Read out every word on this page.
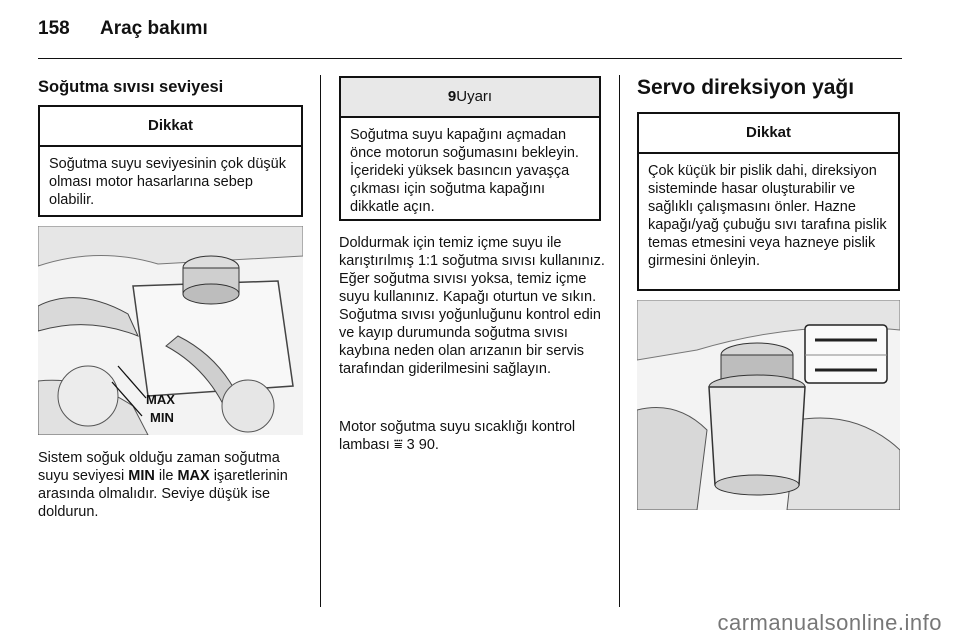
158 Araç bakımı
Soğutma sıvısı seviyesi
Dikkat
Soğutma suyu seviyesinin çok düşük olması motor hasarlarına sebep olabilir.
MAX
MIN
Sistem soğuk olduğu zaman soğutma suyu seviyesi MIN ile MAX işaretlerinin arasında olmalıdır. Seviye düşük ise doldurun.
9Uyarı
Soğutma suyu kapağını açmadan önce motorun soğumasını bekleyin. İçerideki yüksek basıncın yavaşça çıkması için soğutma kapağını dikkatle açın.
Doldurmak için temiz içme suyu ile karıştırılmış 1:1 soğutma sıvısı kullanınız. Eğer soğutma sıvısı yoksa, temiz içme suyu kullanınız. Kapağı oturtun ve sıkın. Soğutma sıvısı yoğunluğunu kontrol edin ve kayıp durumunda soğutma sıvısı kaybına neden olan arızanın bir servis tarafından giderilmesini sağlayın.
Motor soğutma suyu sıcaklığı kontrol lambası ⩸ 3 90.
Servo direksiyon yağı
Dikkat
Çok küçük bir pislik dahi, direksiyon sisteminde hasar oluşturabilir ve sağlıklı çalışmasını önler. Hazne kapağı/yağ çubuğu sıvı tarafına pislik temas etmesini veya hazneye pislik girmesini önleyin.
carmanualsonline.info
